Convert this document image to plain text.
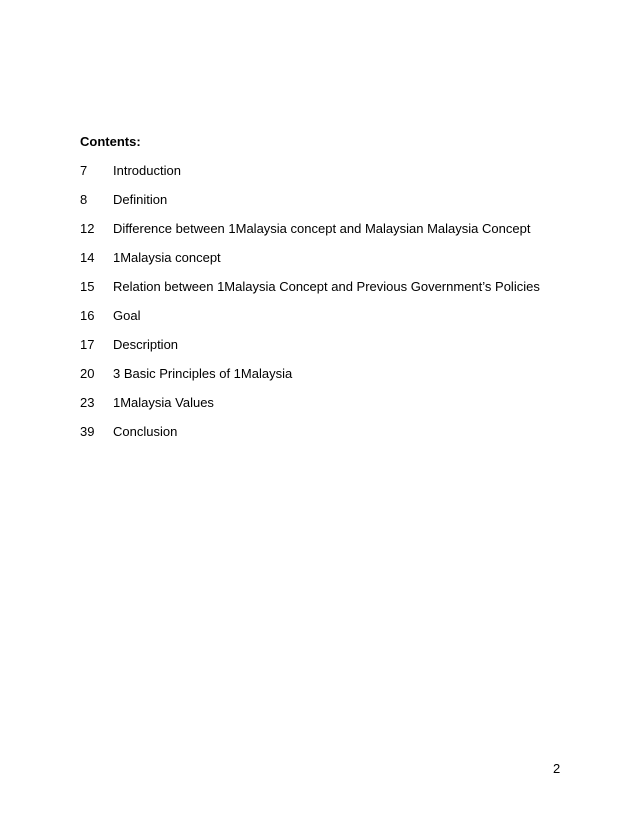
Contents:
7	Introduction
8	Definition
12	Difference between 1Malaysia concept and Malaysian Malaysia Concept
14	1Malaysia concept
15	Relation between 1Malaysia Concept and Previous Government’s Policies
16	Goal
17	Description
20	3 Basic Principles of 1Malaysia
23	1Malaysia Values
39	Conclusion
2
